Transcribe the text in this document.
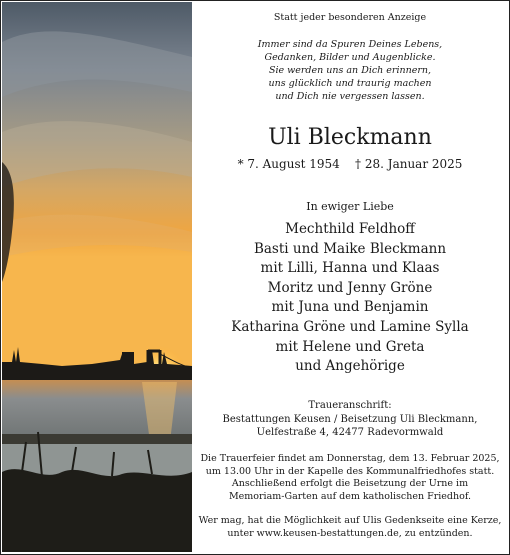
Statt jeder besonderen Anzeige
Immer sind da Spuren Deines Lebens,
Gedanken, Bilder und Augenblicke.
Sie werden uns an Dich erinnern,
uns glücklich und traurig machen
und Dich nie vergessen lassen.
Uli Bleckmann
* 7. August 1954 † 28. Januar 2025
In ewiger Liebe
Mechthild Feldhoff
Basti und Maike Bleckmann
mit Lilli, Hanna und Klaas
Moritz und Jenny Gröne
mit Juna und Benjamin
Katharina Gröne und Lamine Sylla
mit Helene und Greta
und Angehörige
Traueranschrift:
Bestattungen Keusen / Beisetzung Uli Bleckmann,
Uelfestraße 4, 42477 Radevormwald
Die Trauerfeier findet am Donnerstag, dem 13. Februar 2025,
um 13.00 Uhr in der Kapelle des Kommunalfriedhofes statt.
Anschließend erfolgt die Beisetzung der Urne im
Memoriam-Garten auf dem katholischen Friedhof.
Wer mag, hat die Möglichkeit auf Ulis Gedenkseite eine Kerze,
unter www.keusen-bestattungen.de, zu entzünden.
